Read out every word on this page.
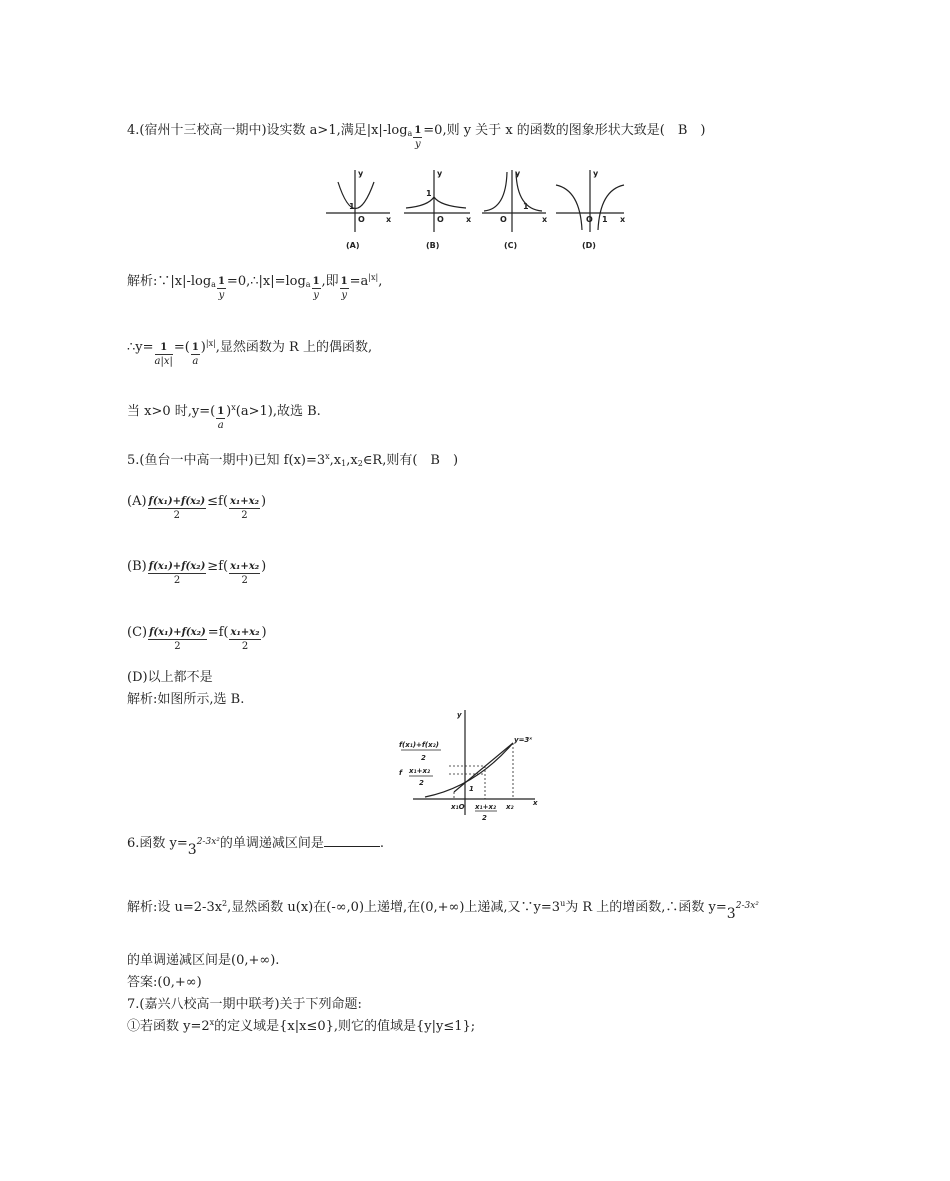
4.(宿州十三校高一期中)设实数 a>1,满足$|x|-\log_a \frac{1}{y} =0$,则 y 关于 x 的函数的图象形状大致是(　B　)
y
x
O
1
(A)
y
x
O
1
(B)
y
x
O
1
(C)
y
x
O 1
(D)
解析$:\because|x|-\log_a \frac{1}{y}$ $=0,\therefore|x|=\log_a \frac{1}{y}$ ,即 $\frac{1}{y} =a^{|x|}$,
∴y= $\frac{1}{a|x|}$ =( $\frac{1}{a} )^{|x|}$,显然函数为 R 上的偶函数,
当 x>0 时$,y=( \frac{1}{a} )^x(a>1)$,故选 B.
5.(鱼台一中高一期中)已知 $f(x)=3^x,x_1,x_2\in R$,则有(　B　)
$(A) \frac{\text{f(x₁)+f(x₂)}}{2} \le f( \frac{\text{x₁+x₂}}{2}$ )
$(B) \frac{\text{f(x₁)+f(x₂)}}{2} \ge f( \frac{\text{x₁+x₂}}{2}$ )
$(C) \frac{\text{f(x₁)+f(x₂)}}{2} =f( \frac{\text{x₁+x₂}}{2}$ )
(D)以上都不是
解析:如图所示,选 B.
y
x
y=3ˣ
f(x₁)+f(x₂)
2
f x₁+x₂
2
x₁O
1
x₁+x₂
2
x₂
6.函数 $y=3^{2-3x^2}$的单调递减区间是	.
解析:设 $u=2-3x^2$,显然函数 u(x)在(-∞,0)上递增,在(0,+∞)上递减,又$\because y=3^u$为 R 上的增函数,∴函数 $y=3^{2-3x^2}$
的单调递减区间是(0,+∞).
答案:(0,+∞)
7.(嘉兴八校高一期中联考)关于下列命题:
①若函数 $y=2^x$的定义域是{x|x≤0},则它的值域是{y|y≤1};
